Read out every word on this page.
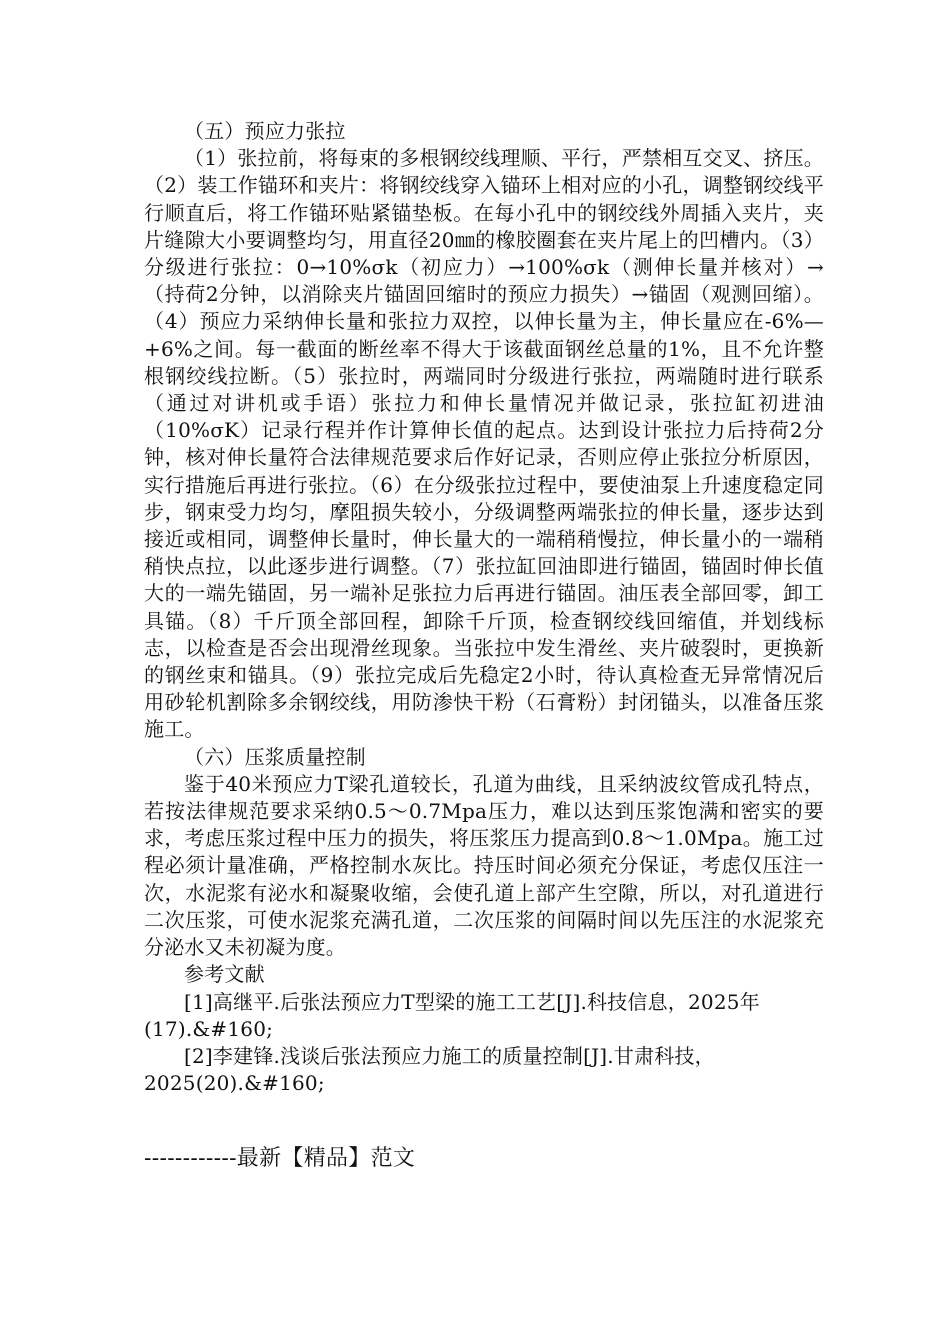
（五）预应力张拉

（1）张拉前，将每束的多根钢绞线理顺、平行，严禁相互交叉、挤压。（2）装工作锚环和夹片：将钢绞线穿入锚环上相对应的小孔，调整钢绞线平行顺直后，将工作锚环贴紧锚垫板。在每小孔中的钢绞线外周插入夹片，夹片缝隙大小要调整均匀，用直径20㎜的橡胶圈套在夹片尾上的凹槽内。（3）分级进行张拉：0→10%σk（初应力）→100%σk（测伸长量并核对）→（持荷2分钟，以消除夹片锚固回缩时的预应力损失）→锚固（观测回缩）。（4）预应力采纳伸长量和张拉力双控，以伸长量为主，伸长量应在-6%—+6%之间。每一截面的断丝率不得大于该截面钢丝总量的1%，且不允许整根钢绞线拉断。（5）张拉时，两端同时分级进行张拉，两端随时进行联系（通过对讲机或手语）张拉力和伸长量情况并做记录，张拉缸初进油（10%σK）记录行程并作计算伸长值的起点。达到设计张拉力后持荷2分钟，核对伸长量符合法律规范要求后作好记录，否则应停止张拉分析原因，实行措施后再进行张拉。（6）在分级张拉过程中，要使油泵上升速度稳定同步，钢束受力均匀，摩阻损失较小，分级调整两端张拉的伸长量，逐步达到接近或相同，调整伸长量时，伸长量大的一端稍稍慢拉，伸长量小的一端稍稍快点拉，以此逐步进行调整。（7）张拉缸回油即进行锚固，锚固时伸长值大的一端先锚固，另一端补足张拉力后再进行锚固。油压表全部回零，卸工具锚。（8）千斤顶全部回程，卸除千斤顶，检查钢绞线回缩值，并划线标志，以检查是否会出现滑丝现象。当张拉中发生滑丝、夹片破裂时，更换新的钢丝束和锚具。（9）张拉完成后先稳定2小时，待认真检查无异常情况后用砂轮机割除多余钢绞线，用防渗快干粉（石膏粉）封闭锚头，以准备压浆施工。

（六）压浆质量控制

鉴于40米预应力T梁孔道较长，孔道为曲线，且采纳波纹管成孔特点，若按法律规范要求采纳0.5～0.7Mpa压力，难以达到压浆饱满和密实的要求，考虑压浆过程中压力的损失，将压浆压力提高到0.8～1.0Mpa。施工过程必须计量准确，严格控制水灰比。持压时间必须充分保证，考虑仅压注一次，水泥浆有泌水和凝聚收缩，会使孔道上部产生空隙，所以，对孔道进行二次压浆，可使水泥浆充满孔道，二次压浆的间隔时间以先压注的水泥浆充分泌水又未初凝为度。

参考文献

[1]高继平.后张法预应力T型梁的施工工艺[J].科技信息，2025年(17).&#160;

[2]李建锋.浅谈后张法预应力施工的质量控制[J].甘肃科技，2025(20).&#160;

------------最新【精品】范文
